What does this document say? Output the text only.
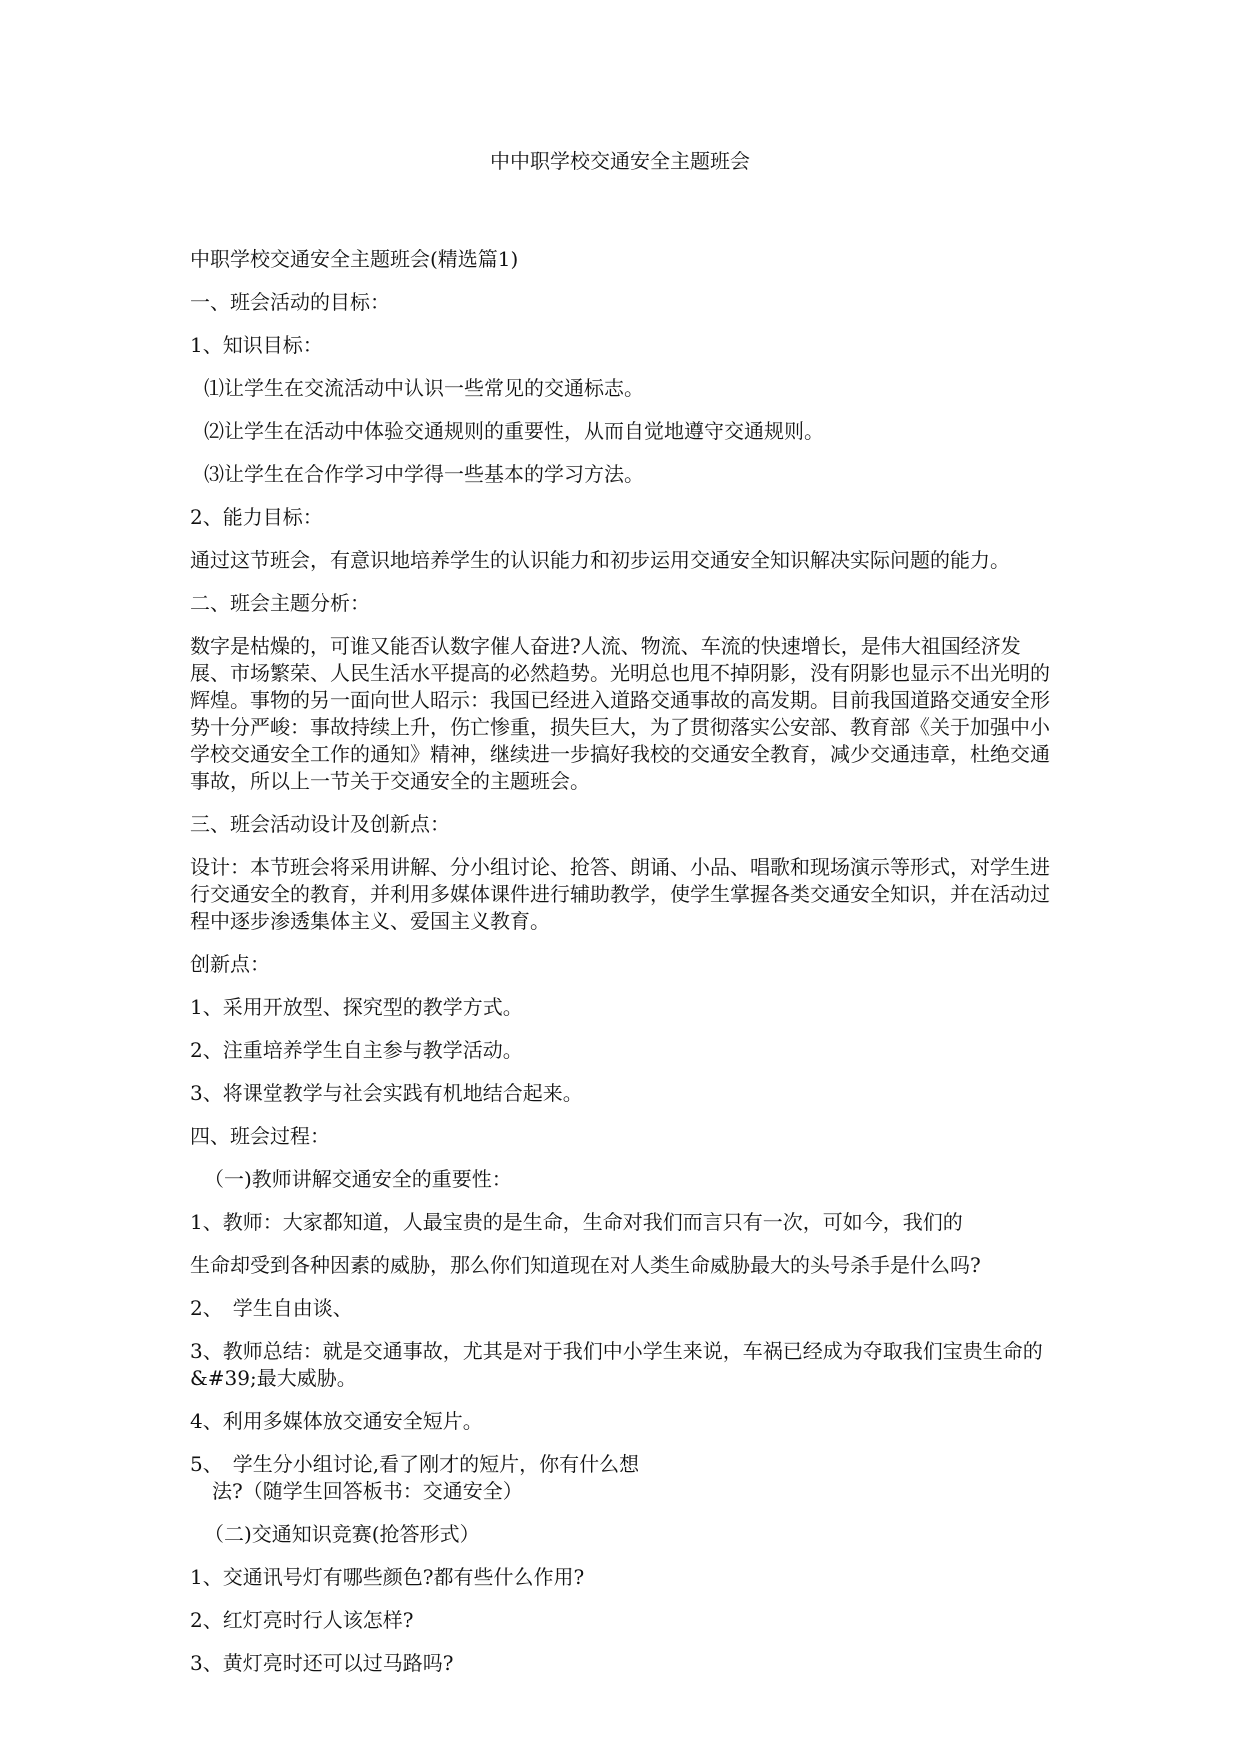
中中职学校交通安全主题班会

中职学校交通安全主题班会(精选篇1)

一、班会活动的目标：

1、知识目标：

⑴让学生在交流活动中认识一些常见的交通标志。

⑵让学生在活动中体验交通规则的重要性，从而自觉地遵守交通规则。

⑶让学生在合作学习中学得一些基本的学习方法。

2、能力目标：

通过这节班会，有意识地培养学生的认识能力和初步运用交通安全知识解决实际问题的能力。

二、班会主题分析：

数字是枯燥的，可谁又能否认数字催人奋进?人流、物流、车流的快速增长，是伟大祖国经济发展、市场繁荣、人民生活水平提高的必然趋势。光明总也甩不掉阴影，没有阴影也显示不出光明的辉煌。事物的另一面向世人昭示：我国已经进入道路交通事故的高发期。目前我国道路交通安全形势十分严峻：事故持续上升，伤亡惨重，损失巨大，为了贯彻落实公安部、教育部《关于加强中小学校交通安全工作的通知》精神，继续进一步搞好我校的交通安全教育，减少交通违章，杜绝交通事故，所以上一节关于交通安全的主题班会。

三、班会活动设计及创新点：

设计：本节班会将采用讲解、分小组讨论、抢答、朗诵、小品、唱歌和现场演示等形式，对学生进行交通安全的教育，并利用多媒体课件进行辅助教学，使学生掌握各类交通安全知识，并在活动过程中逐步渗透集体主义、爱国主义教育。

创新点：

1、采用开放型、探究型的教学方式。

2、注重培养学生自主参与教学活动。

3、将课堂教学与社会实践有机地结合起来。

四、班会过程：

（一)教师讲解交通安全的重要性：

1、教师：大家都知道，人最宝贵的是生命，生命对我们而言只有一次，可如今，我们的

生命却受到各种因素的威胁，那么你们知道现在对人类生命威胁最大的头号杀手是什么吗?

2、　学生自由谈、

3、教师总结：就是交通事故，尤其是对于我们中小学生来说，车祸已经成为夺取我们宝贵生命的&#39;最大威胁。

4、利用多媒体放交通安全短片。

5、　学生分小组讨论,看了刚才的短片，你有什么想

法?（随学生回答板书：交通安全）

（二)交通知识竞赛(抢答形式）

1、交通讯号灯有哪些颜色?都有些什么作用?

2、红灯亮时行人该怎样?

3、黄灯亮时还可以过马路吗?
